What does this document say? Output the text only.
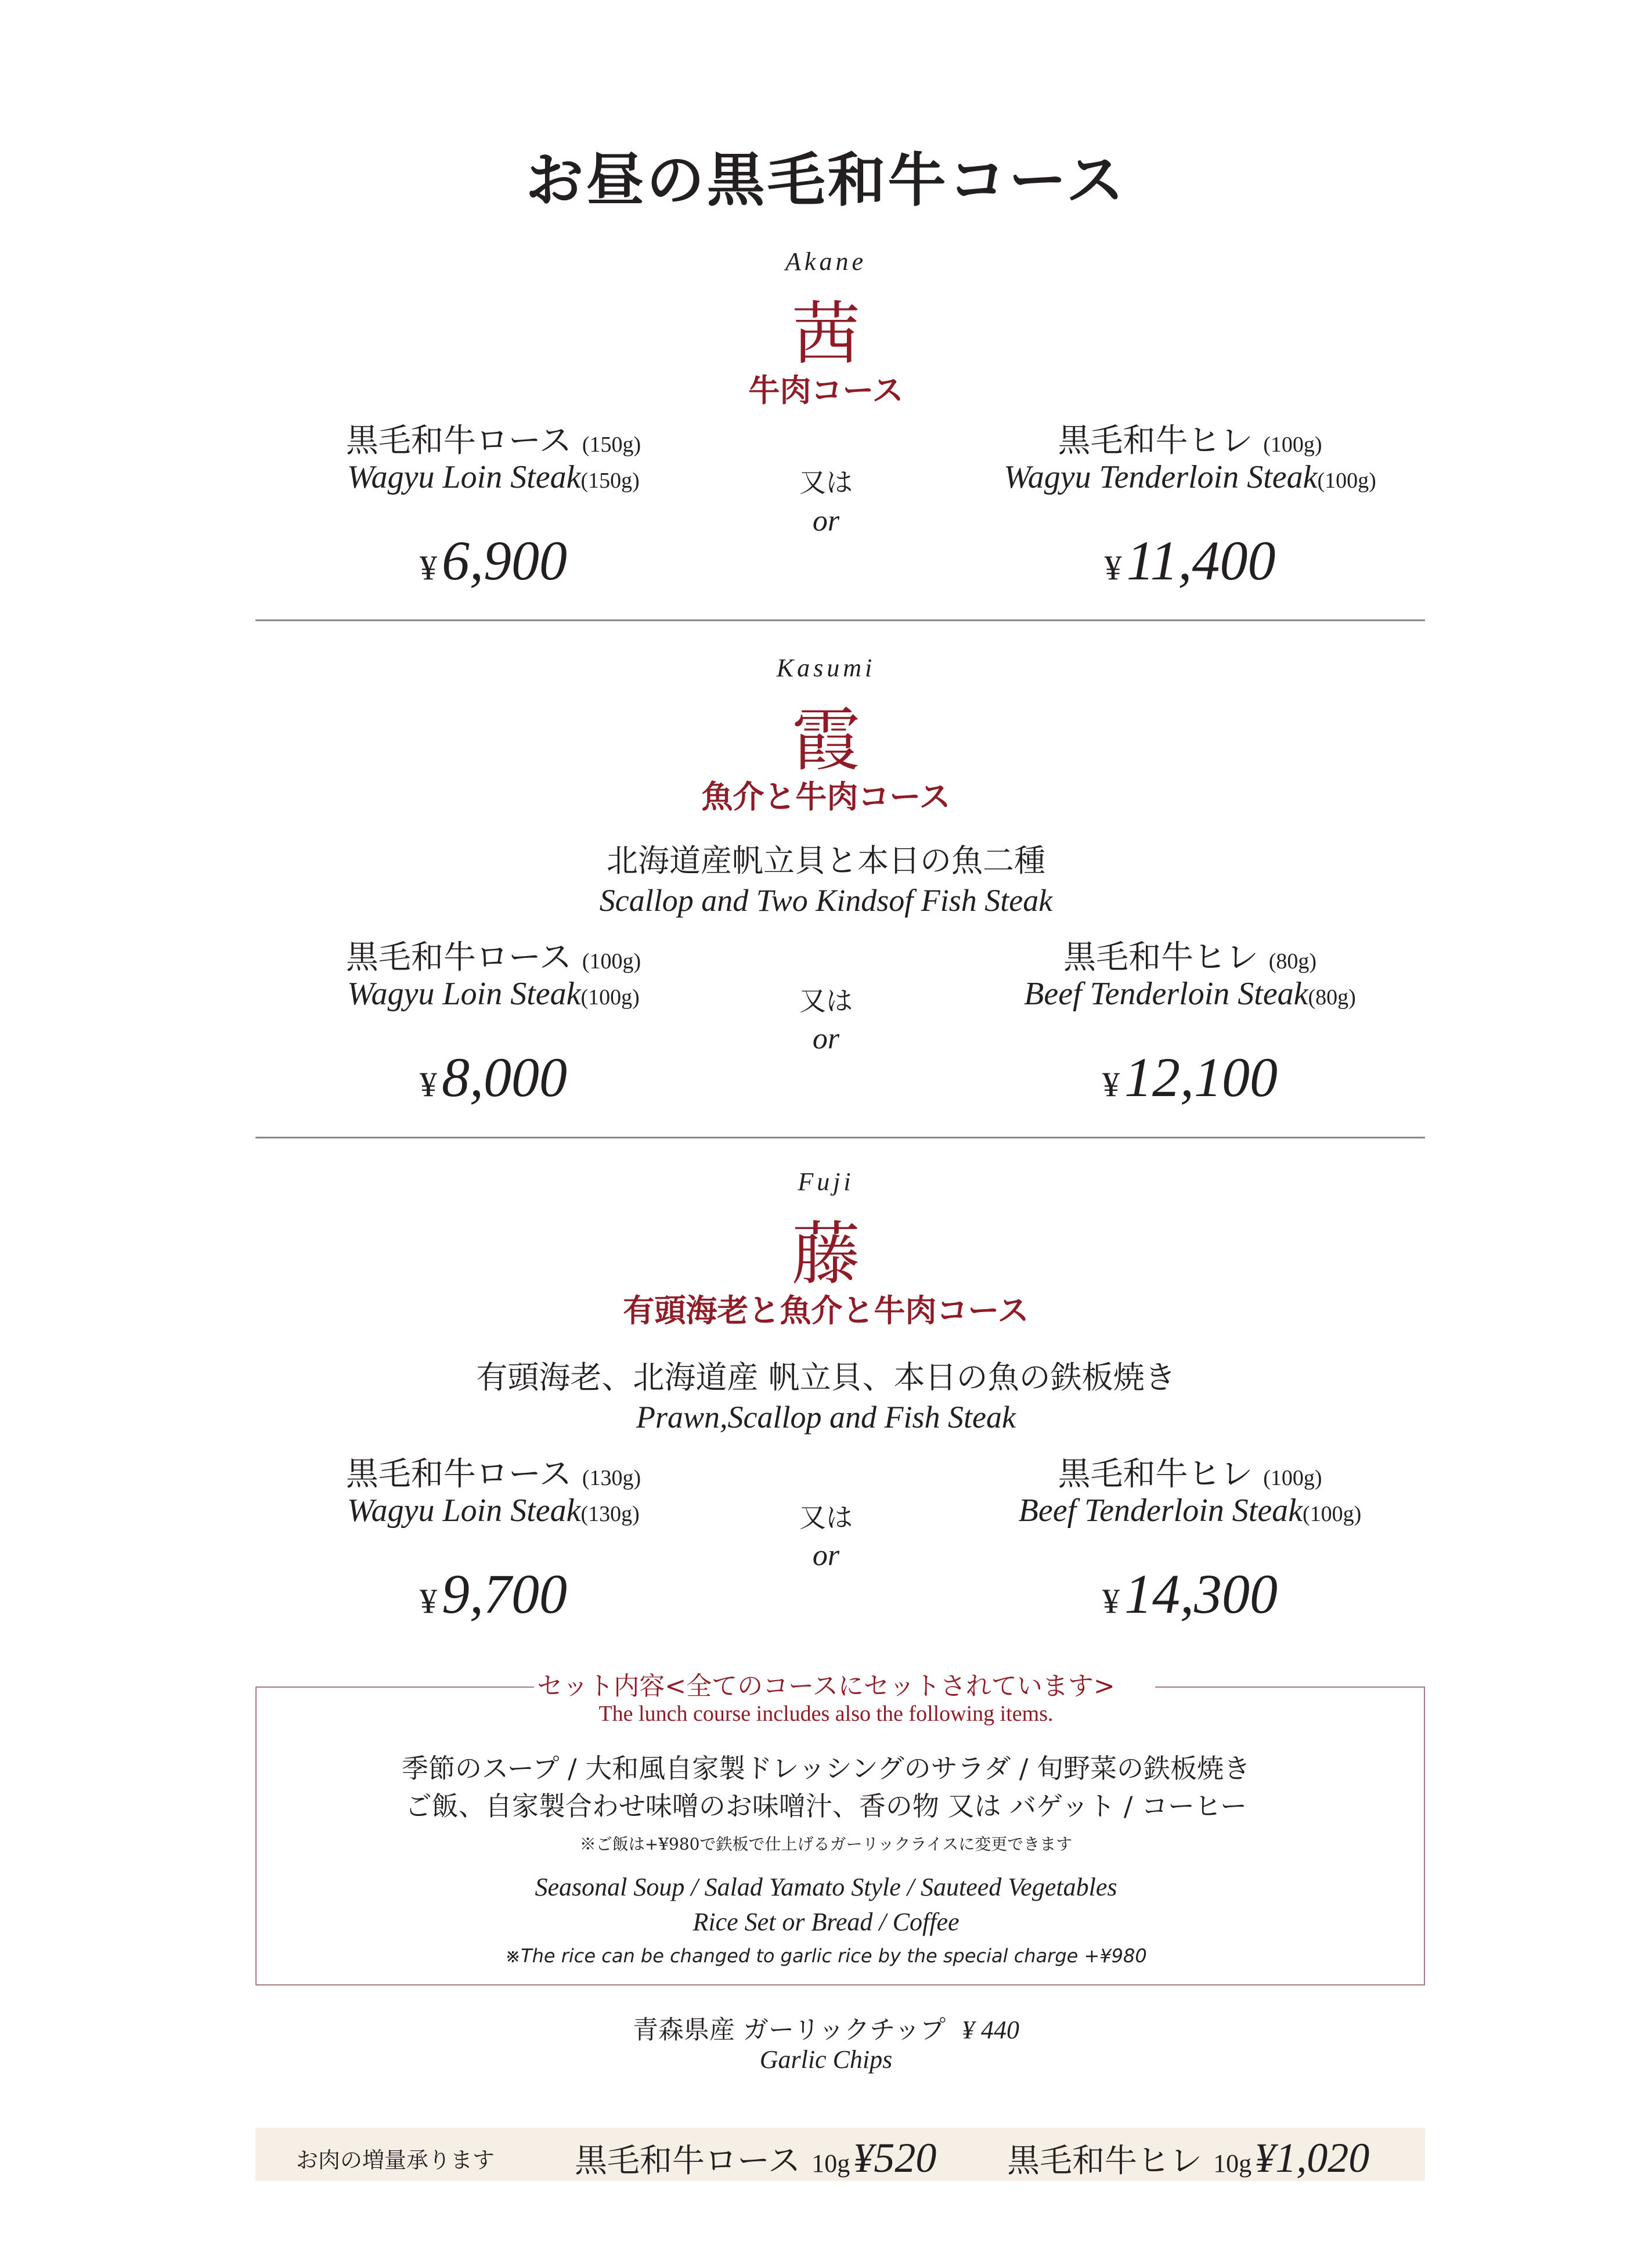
お昼の黒毛和牛コース
Akane
茜
牛肉コース
黒毛和牛ロース (150g)
Wagyu Loin Steak(150g)
¥6,900
又は
or
黒毛和牛ヒレ (100g)
Wagyu Tenderloin Steak(100g)
¥11,400
Kasumi
霞
魚介と牛肉コース
北海道産帆立貝と本日の魚二種
Scallop and Two Kindsof Fish Steak
黒毛和牛ロース (100g)
Wagyu Loin Steak(100g)
¥8,000
又は
or
黒毛和牛ヒレ (80g)
Beef Tenderloin Steak(80g)
¥12,100
Fuji
藤
有頭海老と魚介と牛肉コース
有頭海老、北海道産 帆立貝、本日の魚の鉄板焼き
Prawn,Scallop and Fish Steak
黒毛和牛ロース (130g)
Wagyu Loin Steak(130g)
¥9,700
又は
or
黒毛和牛ヒレ (100g)
Beef Tenderloin Steak(100g)
¥14,300
セット内容<全てのコースにセットされています>
The lunch course includes also the following items.
季節のスープ / 大和風自家製ドレッシングのサラダ / 旬野菜の鉄板焼き
ご飯、自家製合わせ味噌のお味噌汁、香の物 又は バゲット / コーヒー
※ご飯は+¥980で鉄板で仕上げるガーリックライスに変更できます
Seasonal Soup / Salad Yamato Style / Sauteed Vegetables
Rice Set or Bread / Coffee
※The rice can be changed to garlic rice by the special charge +¥980
青森県産 ガーリックチップ ¥ 440
Garlic Chips
お肉の増量承ります 黒毛和牛ロース 10g ¥520 黒毛和牛ヒレ 10g ¥1,020
